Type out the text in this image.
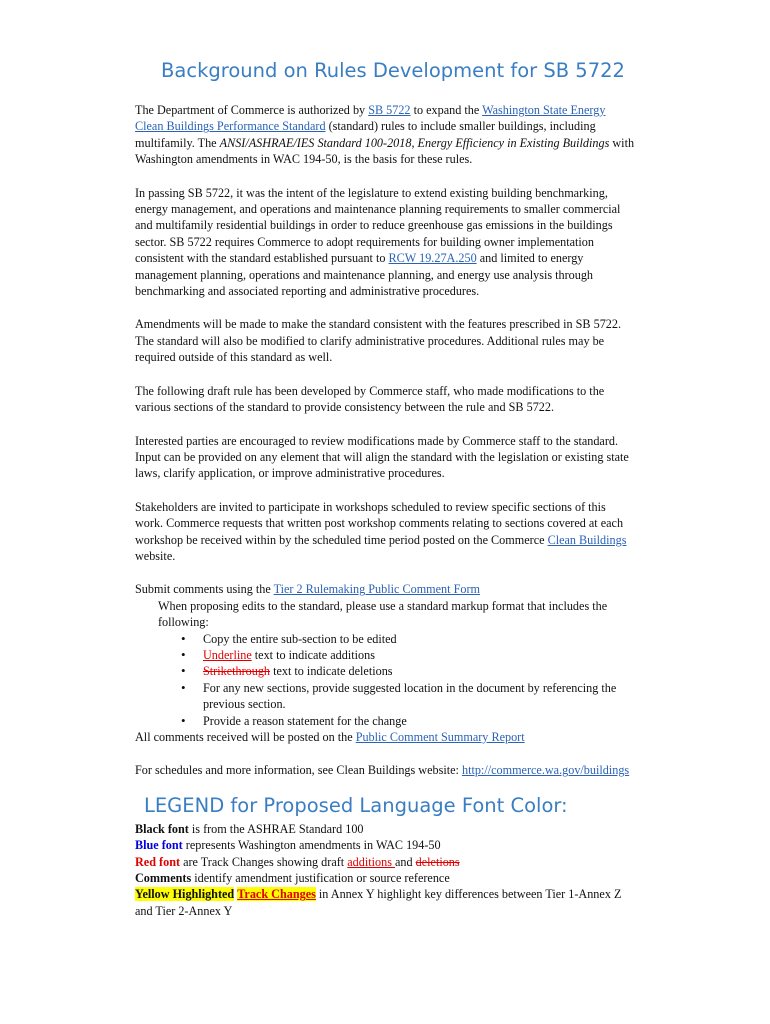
Background on Rules Development for SB 5722

The Department of Commerce is authorized by SB 5722 to expand the Washington State Energy Clean Buildings Performance Standard (standard) rules to include smaller buildings, including multifamily. The ANSI/ASHRAE/IES Standard 100-2018, Energy Efficiency in Existing Buildings with Washington amendments in WAC 194-50, is the basis for these rules.

In passing SB 5722, it was the intent of the legislature to extend existing building benchmarking, energy management, and operations and maintenance planning requirements to smaller commercial and multifamily residential buildings in order to reduce greenhouse gas emissions in the buildings sector. SB 5722 requires Commerce to adopt requirements for building owner implementation consistent with the standard established pursuant to RCW 19.27A.250 and limited to energy management planning, operations and maintenance planning, and energy use analysis through benchmarking and associated reporting and administrative procedures.

Amendments will be made to make the standard consistent with the features prescribed in SB 5722. The standard will also be modified to clarify administrative procedures. Additional rules may be required outside of this standard as well.

The following draft rule has been developed by Commerce staff, who made modifications to the various sections of the standard to provide consistency between the rule and SB 5722.

Interested parties are encouraged to review modifications made by Commerce staff to the standard. Input can be provided on any element that will align the standard with the legislation or existing state laws, clarify application, or improve administrative procedures.

Stakeholders are invited to participate in workshops scheduled to review specific sections of this work. Commerce requests that written post workshop comments relating to sections covered at each workshop be received within by the scheduled time period posted on the Commerce Clean Buildings website.

Submit comments using the Tier 2 Rulemaking Public Comment Form
When proposing edits to the standard, please use a standard markup format that includes the following:
• Copy the entire sub-section to be edited
• Underline text to indicate additions
• Strikethrough text to indicate deletions
• For any new sections, provide suggested location in the document by referencing the previous section.
• Provide a reason statement for the change
All comments received will be posted on the Public Comment Summary Report

For schedules and more information, see Clean Buildings website: http://commerce.wa.gov/buildings

LEGEND for Proposed Language Font Color:

Black font is from the ASHRAE Standard 100

Blue font represents Washington amendments in WAC 194-50

Red font are Track Changes showing draft additions and deletions

Comments identify amendment justification or source reference

Yellow Highlighted Track Changes in Annex Y highlight key differences between Tier 1-Annex Z and Tier 2-Annex Y
